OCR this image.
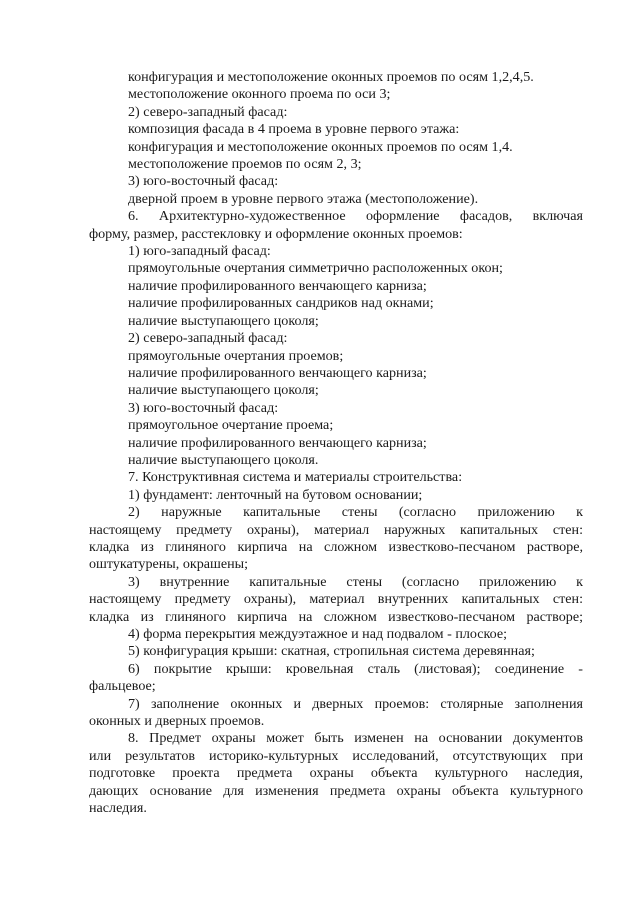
конфигурация и местоположение оконных проемов по осям 1,2,4,5.
местоположение оконного проема по оси 3;
2) северо-западный фасад:
композиция фасада в 4 проема в уровне первого этажа:
конфигурация и местоположение оконных проемов по осям 1,4.
местоположение проемов по осям 2, 3;
3) юго-восточный фасад:
дверной проем в уровне первого этажа (местоположение).
6. Архитектурно-художественное оформление фасадов, включая
форму, размер, расстекловку и оформление оконных проемов:
1) юго-западный фасад:
прямоугольные очертания симметрично расположенных окон;
наличие профилированного венчающего карниза;
наличие профилированных сандриков над окнами;
наличие выступающего цоколя;
2) северо-западный фасад:
прямоугольные очертания проемов;
наличие профилированного венчающего карниза;
наличие выступающего цоколя;
3) юго-восточный фасад:
прямоугольное очертание проема;
наличие профилированного венчающего карниза;
наличие выступающего цоколя.
7. Конструктивная система и материалы строительства:
1) фундамент: ленточный на бутовом основании;
2) наружные капитальные стены (согласно приложению к
настоящему предмету охраны), материал наружных капитальных стен:
кладка из глиняного кирпича на сложном известково-песчаном растворе,
оштукатурены, окрашены;
3) внутренние капитальные стены (согласно приложению к
настоящему предмету охраны), материал внутренних капитальных стен:
кладка из глиняного кирпича на сложном известково-песчаном растворе;
4) форма перекрытия междуэтажное и над подвалом - плоское;
5) конфигурация крыши: скатная, стропильная система деревянная;
6) покрытие крыши: кровельная сталь (листовая); соединение -
фальцевое;
7) заполнение оконных и дверных проемов: столярные заполнения
оконных и дверных проемов.
8. Предмет охраны может быть изменен на основании документов
или результатов историко-культурных исследований, отсутствующих при
подготовке проекта предмета охраны объекта культурного наследия,
дающих основание для изменения предмета охраны объекта культурного
наследия.
